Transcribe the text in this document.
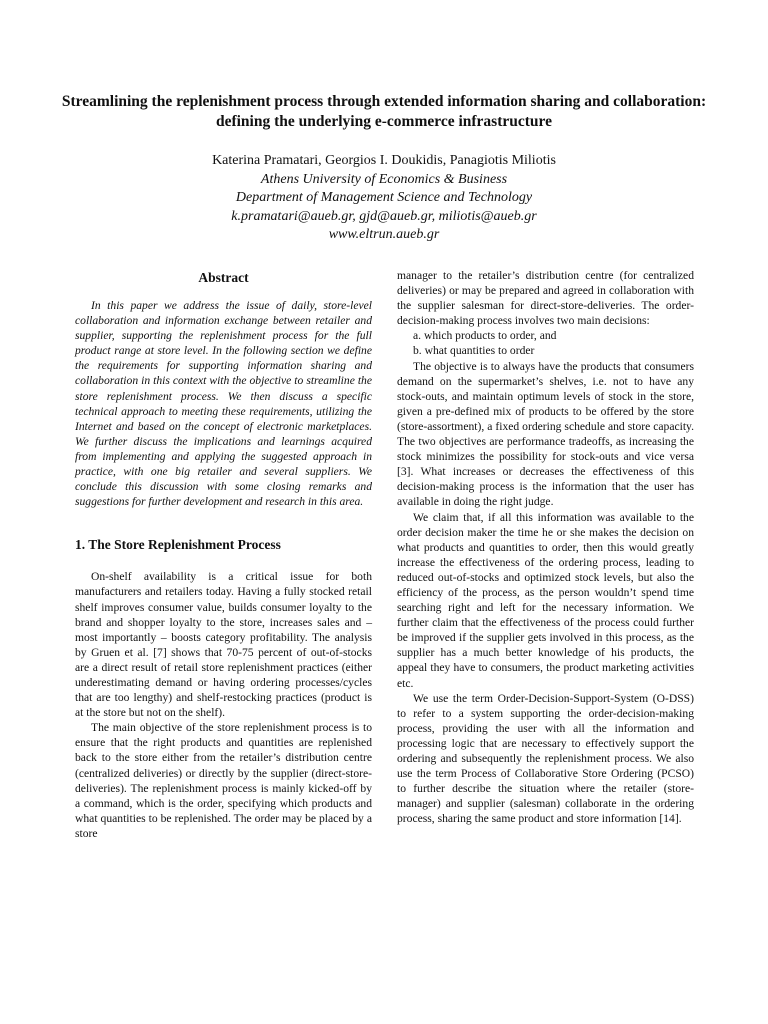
Streamlining the replenishment process through extended information sharing and collaboration: defining the underlying e-commerce infrastructure
Katerina Pramatari, Georgios I. Doukidis, Panagiotis Miliotis
Athens University of Economics & Business
Department of Management Science and Technology
k.pramatari@aueb.gr, gjd@aueb.gr, miliotis@aueb.gr
www.eltrun.aueb.gr
Abstract

In this paper we address the issue of daily, store-level collaboration and information exchange between retailer and supplier, supporting the replenishment process for the full product range at store level. In the following section we define the requirements for supporting information sharing and collaboration in this context with the objective to streamline the store replenishment process. We then discuss a specific technical approach to meeting these requirements, utilizing the Internet and based on the concept of electronic marketplaces. We further discuss the implications and learnings acquired from implementing and applying the suggested approach in practice, with one big retailer and several suppliers. We conclude this discussion with some closing remarks and suggestions for further development and research in this area.

1. The Store Replenishment Process

On-shelf availability is a critical issue for both manufacturers and retailers today. Having a fully stocked retail shelf improves consumer value, builds consumer loyalty to the brand and shopper loyalty to the store, increases sales and – most importantly – boosts category profitability. The analysis by Gruen et al. [7] shows that 70-75 percent of out-of-stocks are a direct result of retail store replenishment practices (either underestimating demand or having ordering processes/cycles that are too lengthy) and shelf-restocking practices (product is at the store but not on the shelf).

The main objective of the store replenishment process is to ensure that the right products and quantities are replenished back to the store either from the retailer’s distribution centre (centralized deliveries) or directly by the supplier (direct-store-deliveries). The replenishment process is mainly kicked-off by a command, which is the order, specifying which products and what quantities to be replenished. The order may be placed by a store

manager to the retailer’s distribution centre (for centralized deliveries) or may be prepared and agreed in collaboration with the supplier salesman for direct-store-deliveries. The order-decision-making process involves two main decisions:

a. which products to order, and

b. what quantities to order

The objective is to always have the products that consumers demand on the supermarket’s shelves, i.e. not to have any stock-outs, and maintain optimum levels of stock in the store, given a pre-defined mix of products to be offered by the store (store-assortment), a fixed ordering schedule and store capacity. The two objectives are performance tradeoffs, as increasing the stock minimizes the possibility for stock-outs and vice versa [3]. What increases or decreases the effectiveness of this decision-making process is the information that the user has available in doing the right judge.

We claim that, if all this information was available to the order decision maker the time he or she makes the decision on what products and quantities to order, then this would greatly increase the effectiveness of the ordering process, leading to reduced out-of-stocks and optimized stock levels, but also the efficiency of the process, as the person wouldn’t spend time searching right and left for the necessary information. We further claim that the effectiveness of the process could further be improved if the supplier gets involved in this process, as the supplier has a much better knowledge of his products, the appeal they have to consumers, the product marketing activities etc.

We use the term Order-Decision-Support-System (O-DSS) to refer to a system supporting the order-decision-making process, providing the user with all the information and processing logic that are necessary to effectively support the ordering and subsequently the replenishment process. We also use the term Process of Collaborative Store Ordering (PCSO) to further describe the situation where the retailer (store-manager) and supplier (salesman) collaborate in the ordering process, sharing the same product and store information [14].
